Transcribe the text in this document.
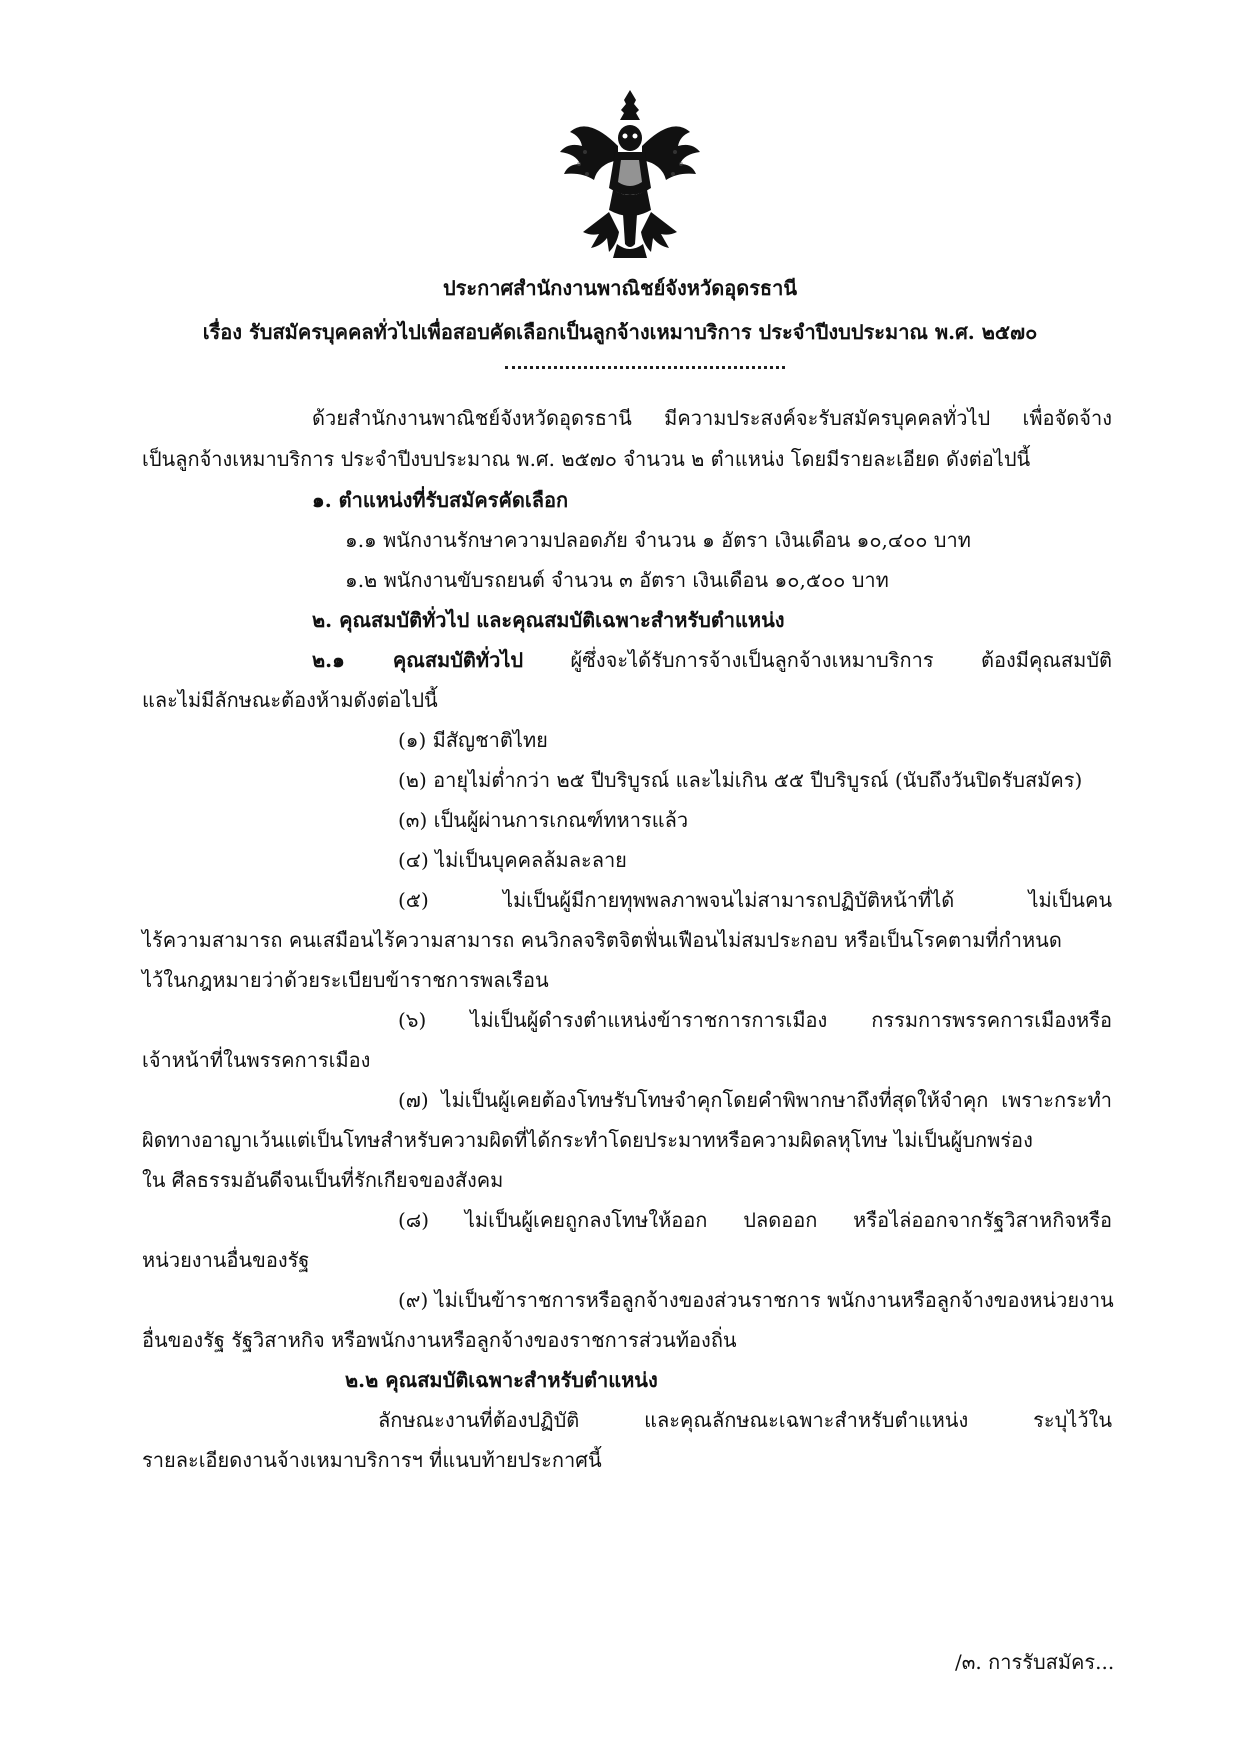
ประกาศสำนักงานพาณิชย์จังหวัดอุดรธานี
เรื่อง รับสมัครบุคคลทั่วไปเพื่อสอบคัดเลือกเป็นลูกจ้างเหมาบริการ ประจำปีงบประมาณ พ.ศ. ๒๕๗๐
ด้วยสำนักงานพาณิชย์จังหวัดอุดรธานี มีความประสงค์จะรับสมัครบุคคลทั่วไป เพื่อจัดจ้าง
เป็นลูกจ้างเหมาบริการ ประจำปีงบประมาณ พ.ศ. ๒๕๗๐ จำนวน ๒ ตำแหน่ง โดยมีรายละเอียด ดังต่อไปนี้
๑. ตำแหน่งที่รับสมัครคัดเลือก
๑.๑ พนักงานรักษาความปลอดภัย จำนวน ๑ อัตรา เงินเดือน ๑๐,๔๐๐ บาท
๑.๒ พนักงานขับรถยนต์ จำนวน ๓ อัตรา เงินเดือน ๑๐,๕๐๐ บาท
๒. คุณสมบัติทั่วไป และคุณสมบัติเฉพาะสำหรับตำแหน่ง
๒.๑ คุณสมบัติทั่วไป ผู้ซึ่งจะได้รับการจ้างเป็นลูกจ้างเหมาบริการ ต้องมีคุณสมบัติ
และไม่มีลักษณะต้องห้ามดังต่อไปนี้
(๑) มีสัญชาติไทย
(๒) อายุไม่ต่ำกว่า ๒๕ ปีบริบูรณ์ และไม่เกิน ๕๕ ปีบริบูรณ์ (นับถึงวันปิดรับสมัคร)
(๓) เป็นผู้ผ่านการเกณฑ์ทหารแล้ว
(๔) ไม่เป็นบุคคลล้มละลาย
(๕) ไม่เป็นผู้มีกายทุพพลภาพจนไม่สามารถปฏิบัติหน้าที่ได้ ไม่เป็นคน
ไร้ความสามารถ คนเสมือนไร้ความสามารถ คนวิกลจริตจิตฟั่นเฟือนไม่สมประกอบ หรือเป็นโรคตามที่กำหนด
ไว้ในกฎหมายว่าด้วยระเบียบข้าราชการพลเรือน
(๖) ไม่เป็นผู้ดำรงตำแหน่งข้าราชการการเมือง กรรมการพรรคการเมืองหรือ
เจ้าหน้าที่ในพรรคการเมือง
(๗) ไม่เป็นผู้เคยต้องโทษรับโทษจำคุกโดยคำพิพากษาถึงที่สุดให้จำคุก เพราะกระทำ
ผิดทางอาญาเว้นแต่เป็นโทษสำหรับความผิดที่ได้กระทำโดยประมาทหรือความผิดลหุโทษ ไม่เป็นผู้บกพร่อง
ใน ศีลธรรมอันดีจนเป็นที่รักเกียจของสังคม
(๘) ไม่เป็นผู้เคยถูกลงโทษให้ออก ปลดออก หรือไล่ออกจากรัฐวิสาหกิจหรือ
หน่วยงานอื่นของรัฐ
(๙) ไม่เป็นข้าราชการหรือลูกจ้างของส่วนราชการ พนักงานหรือลูกจ้างของหน่วยงาน
อื่นของรัฐ รัฐวิสาหกิจ หรือพนักงานหรือลูกจ้างของราชการส่วนท้องถิ่น
๒.๒ คุณสมบัติเฉพาะสำหรับตำแหน่ง
ลักษณะงานที่ต้องปฏิบัติ และคุณลักษณะเฉพาะสำหรับตำแหน่ง ระบุไว้ใน
รายละเอียดงานจ้างเหมาบริการฯ ที่แนบท้ายประกาศนี้
/๓. การรับสมัคร...
